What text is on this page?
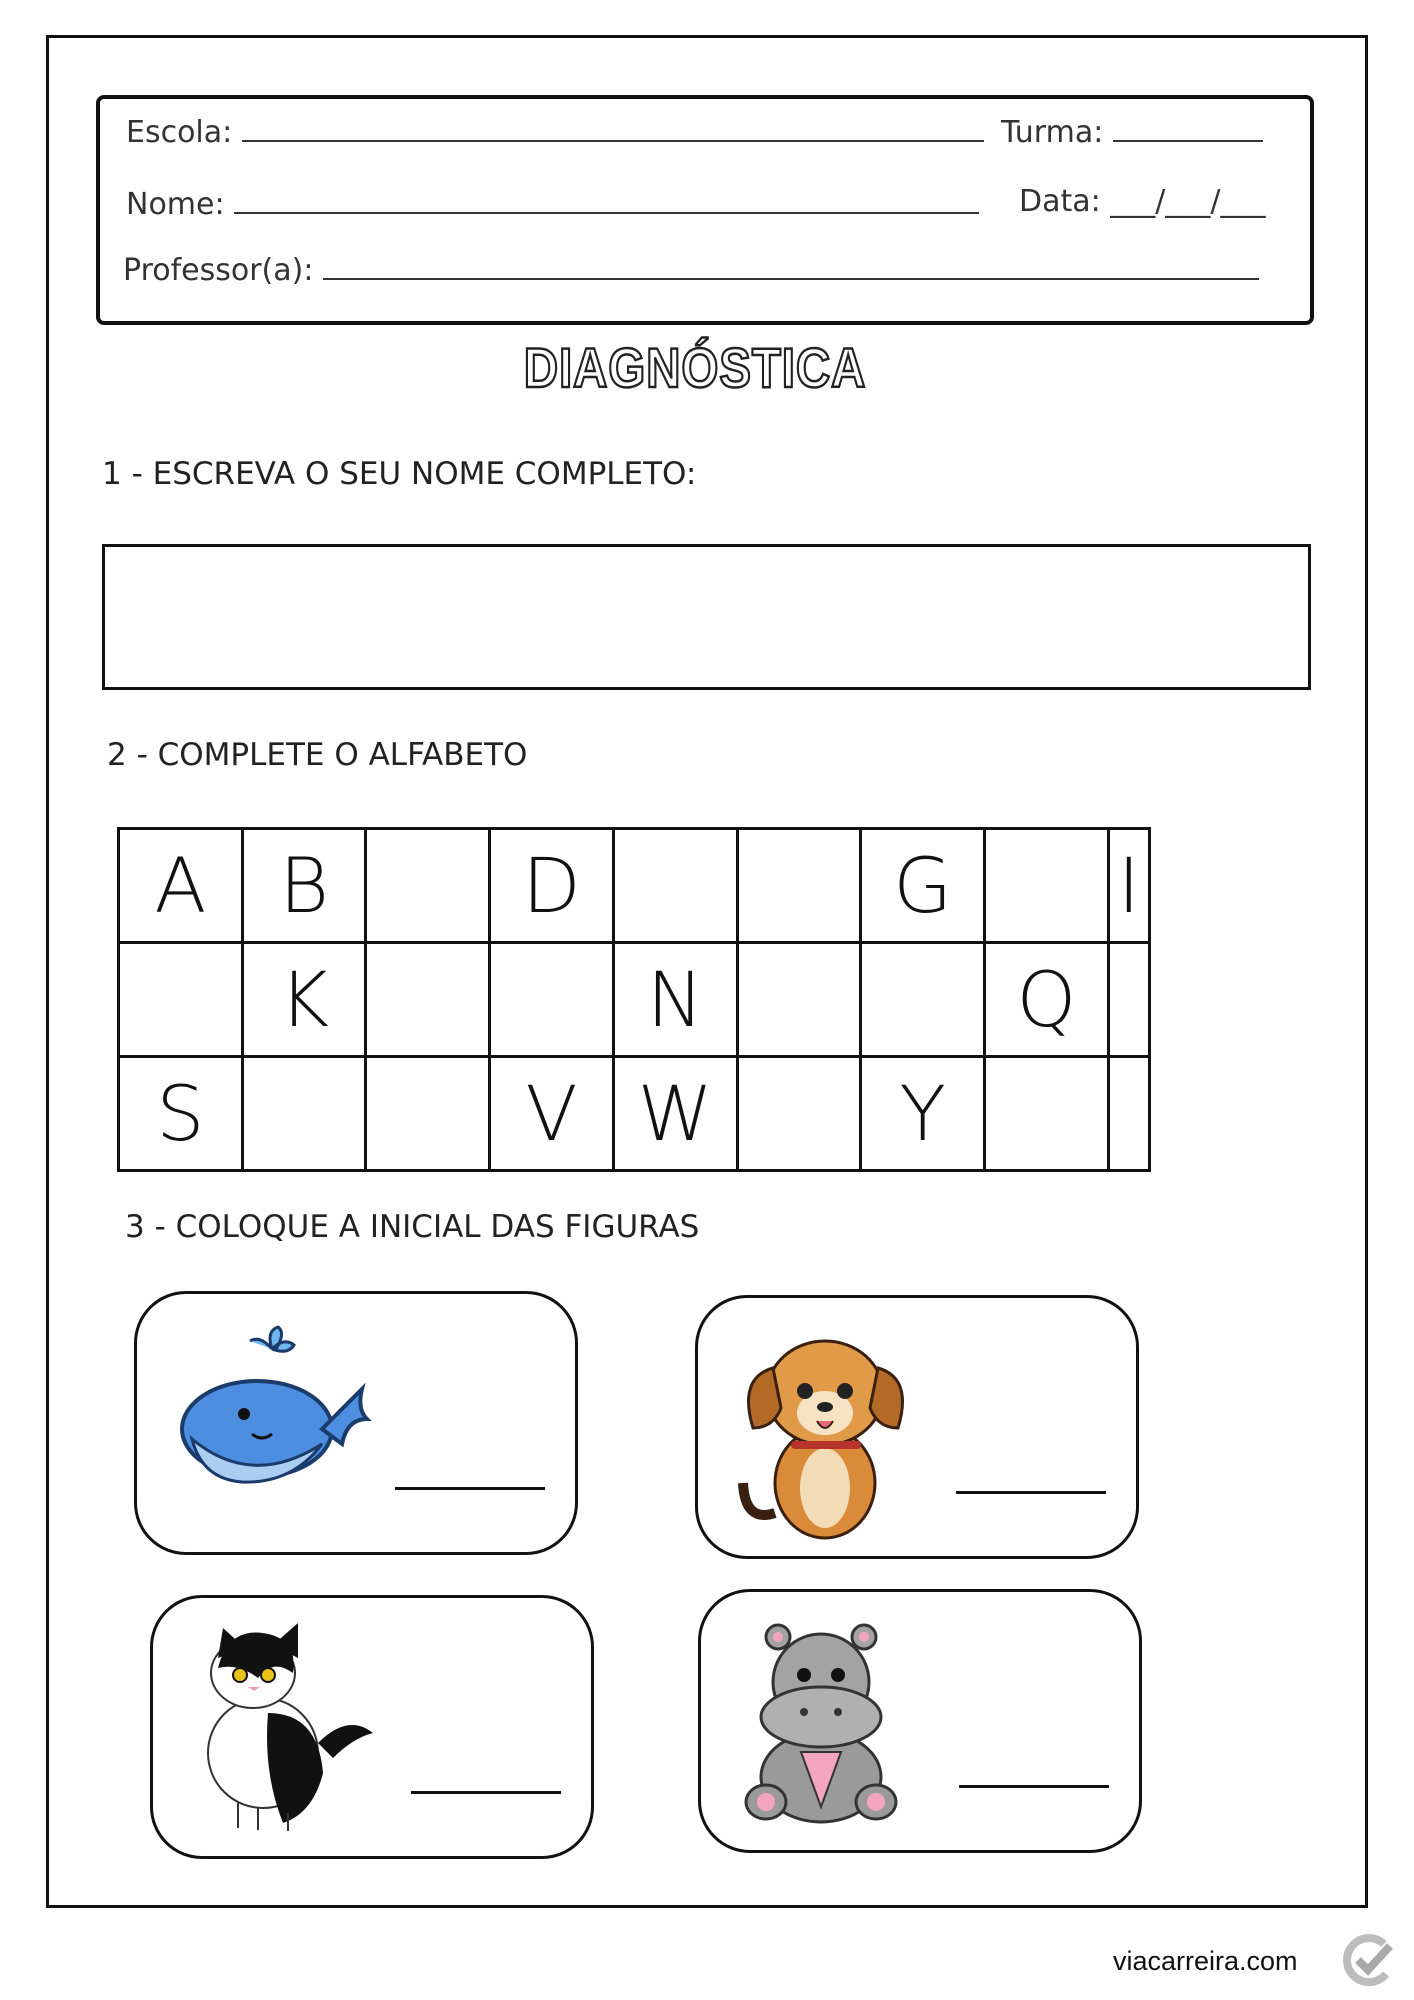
Escola:	Turma:
Nome:	Data: ___/___/___
Professor(a):
DIAGNÓSTICA
1 - ESCREVA O SEU NOME COMPLETO:
2 - COMPLETE O ALFABETO
A	B		D			G		I
	K			N			Q	
S			V	W		Y		
3 - COLOQUE A INICIAL DAS FIGURAS
viacarreira.com
